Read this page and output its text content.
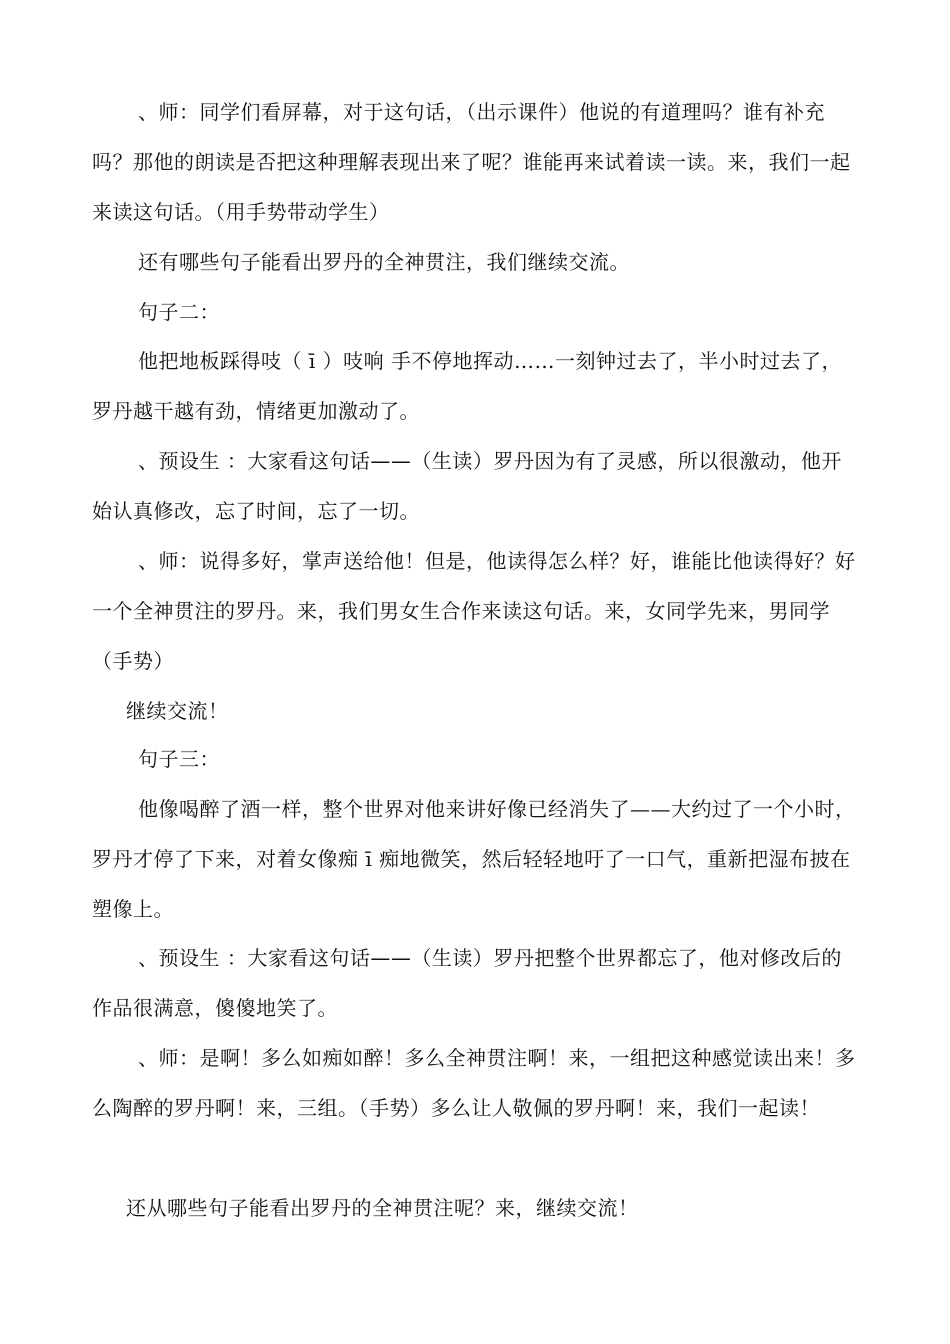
、师：同学们看屏幕，对于这句话，（出示课件）他说的有道理吗？谁有补充吗？那他的朗读是否把这种理解表现出来了呢？谁能再来试着读一读。来，我们一起来读这句话。（用手势带动学生）

还有哪些句子能看出罗丹的全神贯注，我们继续交流。

句子二：

他把地板踩得吱（ ī ）吱响 手不停地挥动……一刻钟过去了，半小时过去了，罗丹越干越有劲，情绪更加激动了。

、预设生 ：大家看这句话——（生读）罗丹因为有了灵感，所以很激动，他开始认真修改，忘了时间，忘了一切。

、师：说得多好，掌声送给他！但是，他读得怎么样？好，谁能比他读得好？好一个全神贯注的罗丹。来，我们男女生合作来读这句话。来，女同学先来，男同学（手势）

继续交流！

句子三：

他像喝醉了酒一样，整个世界对他来讲好像已经消失了——大约过了一个小时，罗丹才停了下来，对着女像痴 ī 痴地微笑，然后轻轻地吁了一口气，重新把湿布披在塑像上。

、预设生 ：大家看这句话——（生读）罗丹把整个世界都忘了，他对修改后的作品很满意，傻傻地笑了。

、师：是啊！多么如痴如醉！多么全神贯注啊！来，一组把这种感觉读出来！多么陶醉的罗丹啊！来，三组。（手势）多么让人敬佩的罗丹啊！来，我们一起读！

还从哪些句子能看出罗丹的全神贯注呢？来，继续交流！
